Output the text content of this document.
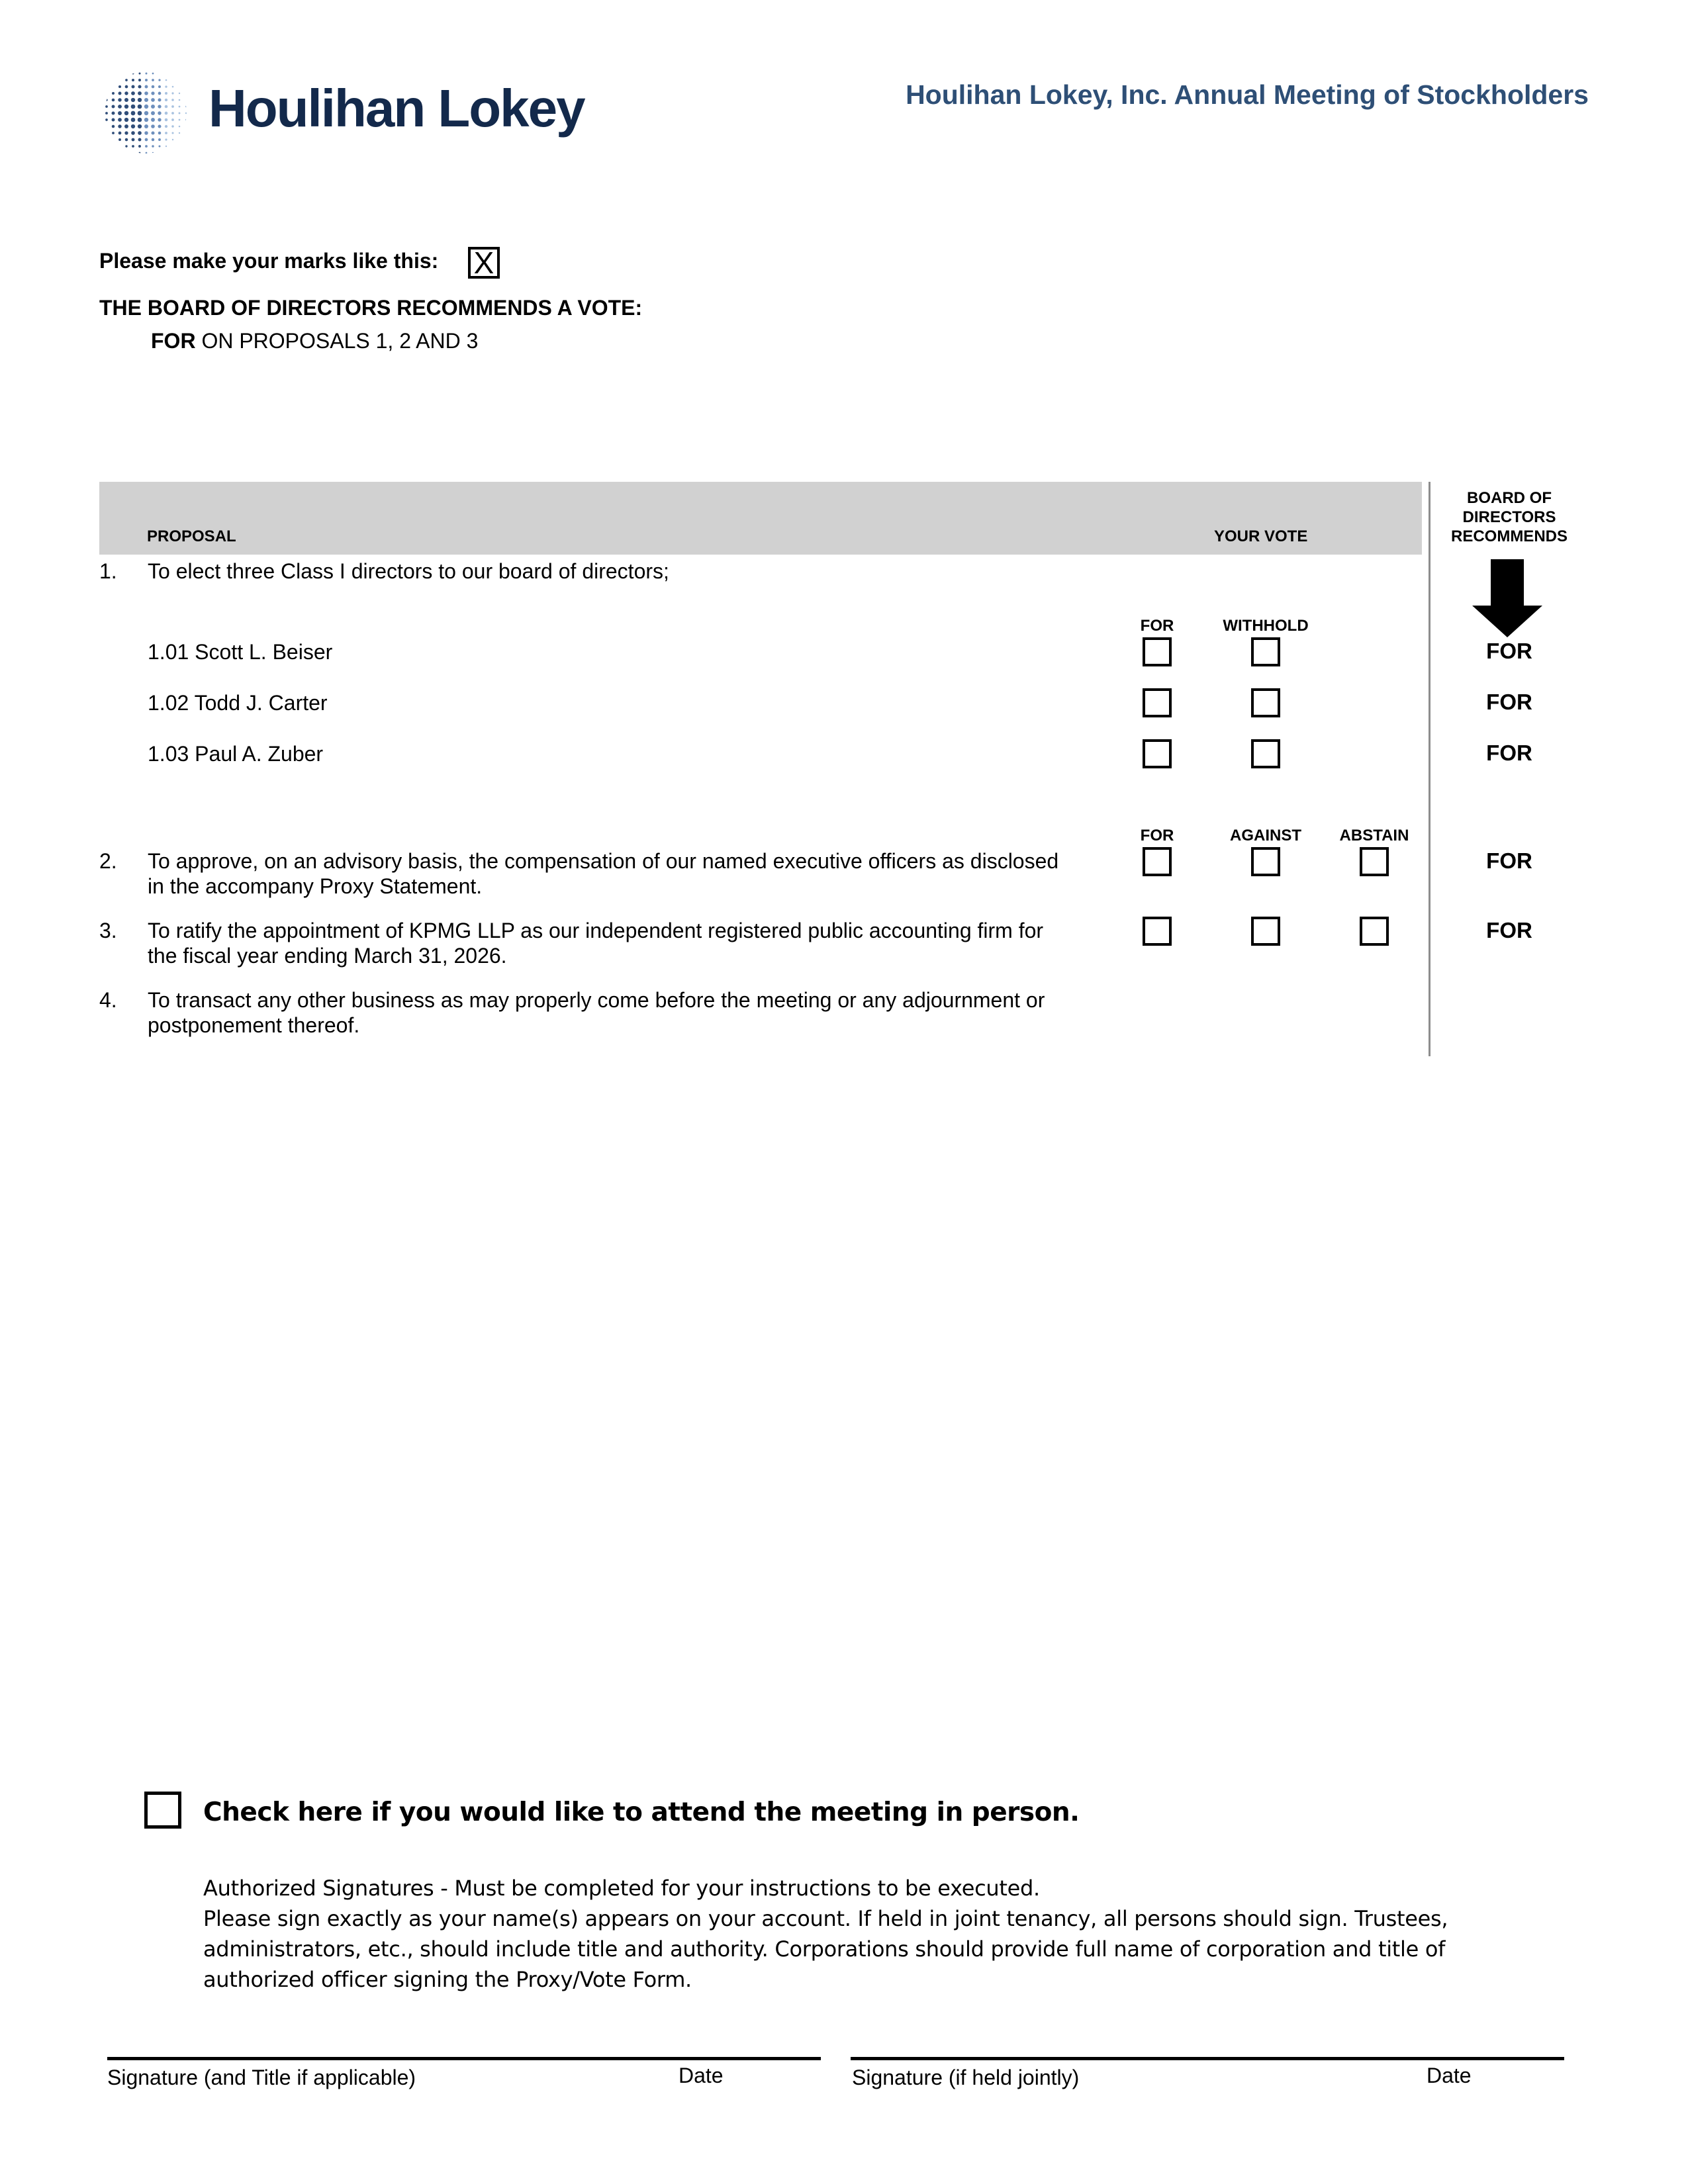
Houlihan Lokey	Houlihan Lokey, Inc. Annual Meeting of Stockholders
Please make your marks like this: X
THE BOARD OF DIRECTORS RECOMMENDS A VOTE:
FOR ON PROPOSALS 1, 2 AND 3
PROPOSAL	YOUR VOTE
BOARD OF
DIRECTORS
RECOMMENDS
1. To elect three Class I directors to our board of directors;
FOR	WITHHOLD
1.01 Scott L. Beiser	FOR
1.02 Todd J. Carter	FOR
1.03 Paul A. Zuber	FOR
FOR	AGAINST	ABSTAIN
2. To approve, on an advisory basis, the compensation of our named executive officers as disclosed
in the accompany Proxy Statement.
FOR
3. To ratify the appointment of KPMG LLP as our independent registered public accounting firm for
the fiscal year ending March 31, 2026.
FOR
4. To transact any other business as may properly come before the meeting or any adjournment or
postponement thereof.
Check here if you would like to attend the meeting in person.

Authorized Signatures - Must be completed for your instructions to be executed.

Please sign exactly as your name(s) appears on your account. If held in joint tenancy, all persons should sign. Trustees, administrators, etc., should include title and authority. Corporations should provide full name of corporation and title of authorized officer signing the Proxy/Vote Form.

Signature (and Title if applicable)	Date	Signature (if held jointly)	Date
